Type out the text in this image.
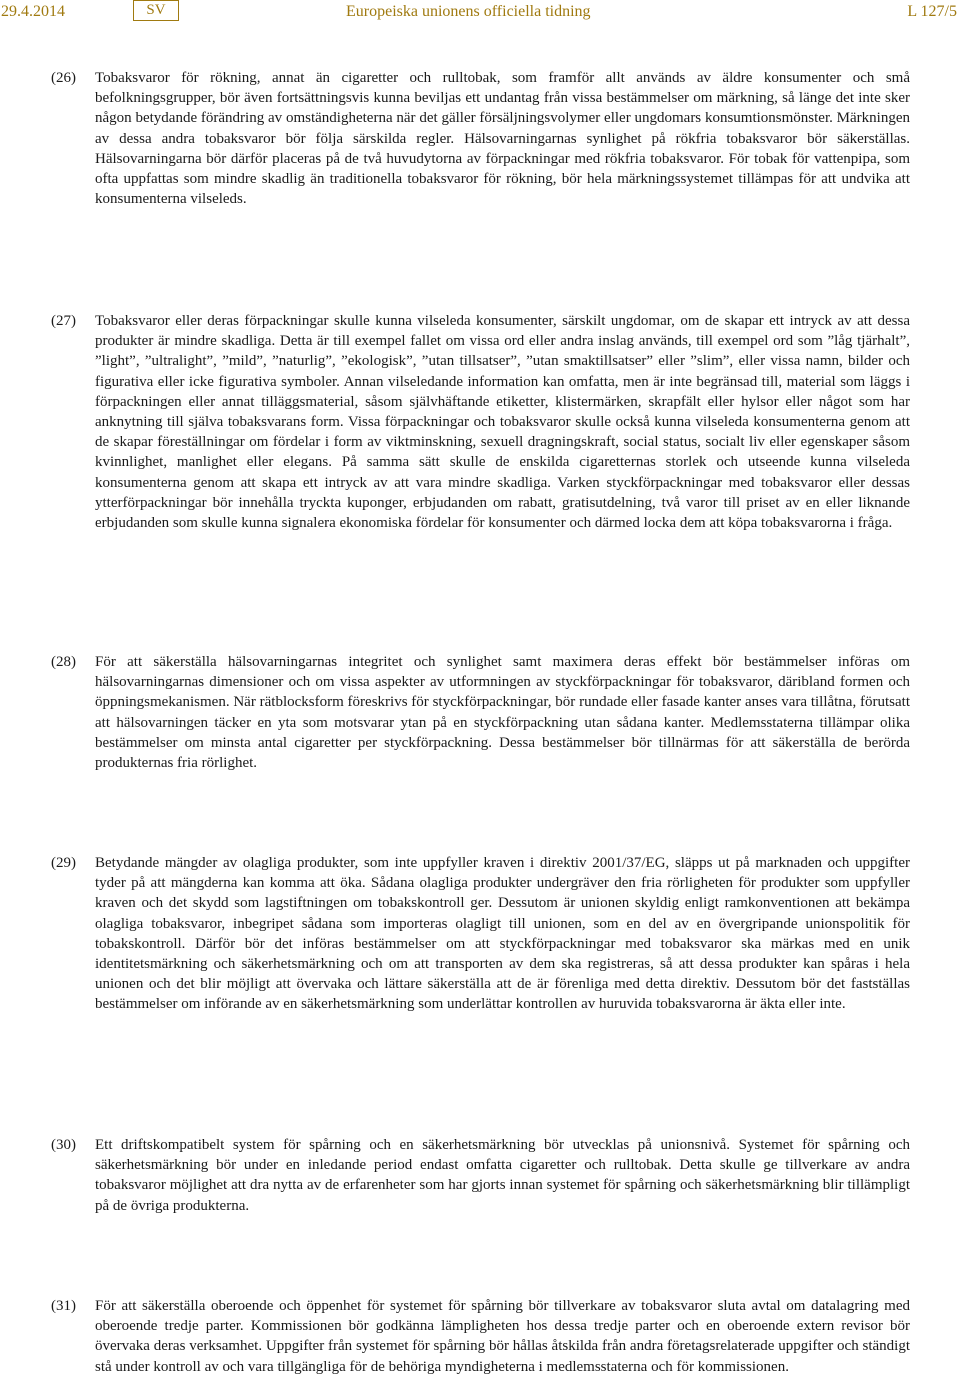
29.4.2014	SV	Europeiska unionens officiella tidning	L 127/5
(26) Tobaksvaror för rökning, annat än cigaretter och rulltobak, som framför allt används av äldre konsumenter och små befolkningsgrupper, bör även fortsättningsvis kunna beviljas ett undantag från vissa bestämmelser om märkning, så länge det inte sker någon betydande förändring av omständigheterna när det gäller försäljningsvolymer eller ungdomars konsumtionsmönster. Märkningen av dessa andra tobaksvaror bör följa särskilda regler. Hälsovarningarnas synlighet på rökfria tobaksvaror bör säkerställas. Hälsovarningarna bör därför placeras på de två huvudytorna av förpackningar med rökfria tobaksvaror. För tobak för vattenpipa, som ofta uppfattas som mindre skadlig än traditionella tobaksvaror för rökning, bör hela märkningssystemet tillämpas för att undvika att konsumenterna vilseleds.

(27) Tobaksvaror eller deras förpackningar skulle kunna vilseleda konsumenter, särskilt ungdomar, om de skapar ett intryck av att dessa produkter är mindre skadliga. Detta är till exempel fallet om vissa ord eller andra inslag används, till exempel ord som ”låg tjärhalt”, ”light”, ”ultralight”, ”mild”, ”naturlig”, ”ekologisk”, ”utan tillsatser”, ”utan smaktillsatser” eller ”slim”, eller vissa namn, bilder och figurativa eller icke figurativa symboler. Annan vilseledande information kan omfatta, men är inte begränsad till, material som läggs i förpackningen eller annat tilläggsmaterial, såsom självhäftande etiketter, klistermärken, skrapfält eller hylsor eller något som har anknytning till själva tobaksvarans form. Vissa förpackningar och tobaksvaror skulle också kunna vilseleda konsumenterna genom att de skapar föreställningar om fördelar i form av viktminskning, sexuell dragningskraft, social status, socialt liv eller egenskaper såsom kvinnlighet, manlighet eller elegans. På samma sätt skulle de enskilda cigaretternas storlek och utseende kunna vilseleda konsumenterna genom att skapa ett intryck av att vara mindre skadliga. Varken styckförpackningar med tobaksvaror eller dessas ytterförpackningar bör innehålla tryckta kuponger, erbjudanden om rabatt, gratisutdelning, två varor till priset av en eller liknande erbjudanden som skulle kunna signalera ekonomiska fördelar för konsumenter och därmed locka dem att köpa tobaksvarorna i fråga.

(28) För att säkerställa hälsovarningarnas integritet och synlighet samt maximera deras effekt bör bestämmelser införas om hälsovarningarnas dimensioner och om vissa aspekter av utformningen av styckförpackningar för tobaksvaror, däribland formen och öppningsmekanismen. När rätblocksform föreskrivs för styckförpackningar, bör rundade eller fasade kanter anses vara tillåtna, förutsatt att hälsovarningen täcker en yta som motsvarar ytan på en styckförpackning utan sådana kanter. Medlemsstaterna tillämpar olika bestämmelser om minsta antal cigaretter per styckförpackning. Dessa bestämmelser bör tillnärmas för att säkerställa de berörda produkternas fria rörlighet.

(29) Betydande mängder av olagliga produkter, som inte uppfyller kraven i direktiv 2001/37/EG, släpps ut på marknaden och uppgifter tyder på att mängderna kan komma att öka. Sådana olagliga produkter undergräver den fria rörligheten för produkter som uppfyller kraven och det skydd som lagstiftningen om tobakskontroll ger. Dessutom är unionen skyldig enligt ramkonventionen att bekämpa olagliga tobaksvaror, inbegripet sådana som importeras olagligt till unionen, som en del av en övergripande unionspolitik för tobakskontroll. Därför bör det införas bestämmelser om att styckförpackningar med tobaksvaror ska märkas med en unik identitetsmärkning och säkerhetsmärkning och om att transporten av dem ska registreras, så att dessa produkter kan spåras i hela unionen och det blir möjligt att övervaka och lättare säkerställa att de är förenliga med detta direktiv. Dessutom bör det fastställas bestämmelser om införande av en säkerhetsmärkning som underlättar kontrollen av huruvida tobaksvarorna är äkta eller inte.

(30) Ett driftskompatibelt system för spårning och en säkerhetsmärkning bör utvecklas på unionsnivå. Systemet för spårning och säkerhetsmärkning bör under en inledande period endast omfatta cigaretter och rulltobak. Detta skulle ge tillverkare av andra tobaksvaror möjlighet att dra nytta av de erfarenheter som har gjorts innan systemet för spårning och säkerhetsmärkning blir tillämpligt på de övriga produkterna.

(31) För att säkerställa oberoende och öppenhet för systemet för spårning bör tillverkare av tobaksvaror sluta avtal om datalagring med oberoende tredje parter. Kommissionen bör godkänna lämpligheten hos dessa tredje parter och en oberoende extern revisor bör övervaka deras verksamhet. Uppgifter från systemet för spårning bör hållas åtskilda från andra företagsrelaterade uppgifter och ständigt stå under kontroll av och vara tillgängliga för de behöriga myndigheterna i medlemsstaterna och för kommissionen.
